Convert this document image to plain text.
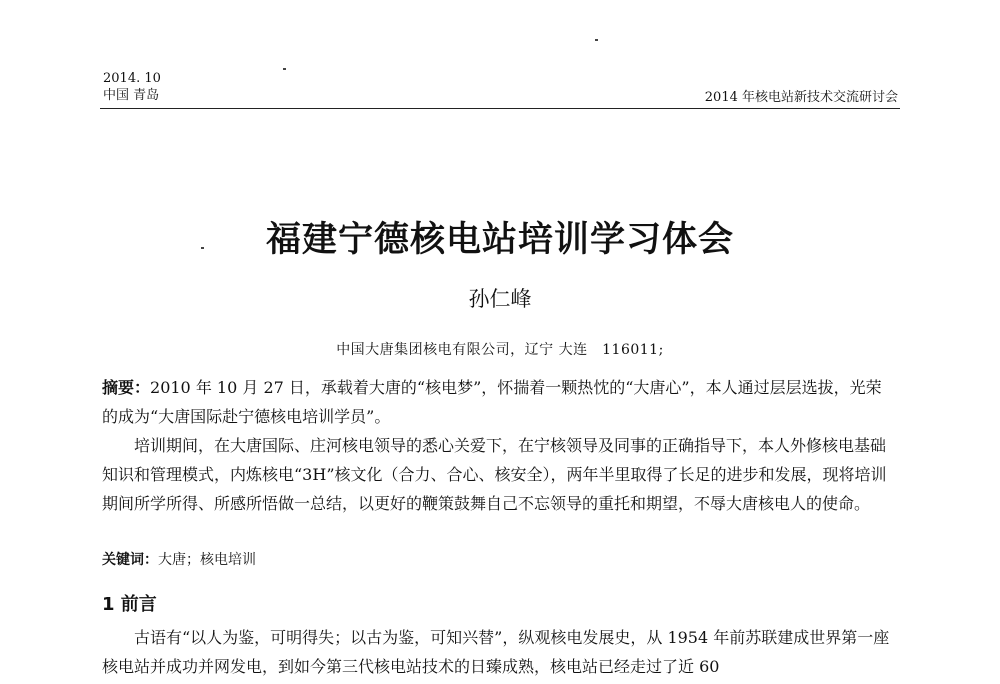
2014. 10
中国 青岛	2014 年核电站新技术交流研讨会
福建宁德核电站培训学习体会
孙仁峰
中国大唐集团核电有限公司，辽宁 大连　116011;
摘要：2010 年 10 月 27 日，承载着大唐的“核电梦”，怀揣着一颗热忱的“大唐心”，本人通过层层选拔，光荣的成为“大唐国际赴宁德核电培训学员”。
培训期间，在大唐国际、庄河核电领导的悉心关爱下，在宁核领导及同事的正确指导下，本人外修核电基础知识和管理模式，内炼核电“3H”核文化（合力、合心、核安全），两年半里取得了长足的进步和发展，现将培训期间所学所得、所感所悟做一总结，以更好的鞭策鼓舞自己不忘领导的重托和期望，不辱大唐核电人的使命。
关键词：大唐；核电培训
1 前言
古语有“以人为鉴，可明得失；以古为鉴，可知兴替”，纵观核电发展史，从 1954 年前苏联建成世界第一座核电站并成功并网发电，到如今第三代核电站技术的日臻成熟，核电站已经走过了近 60
